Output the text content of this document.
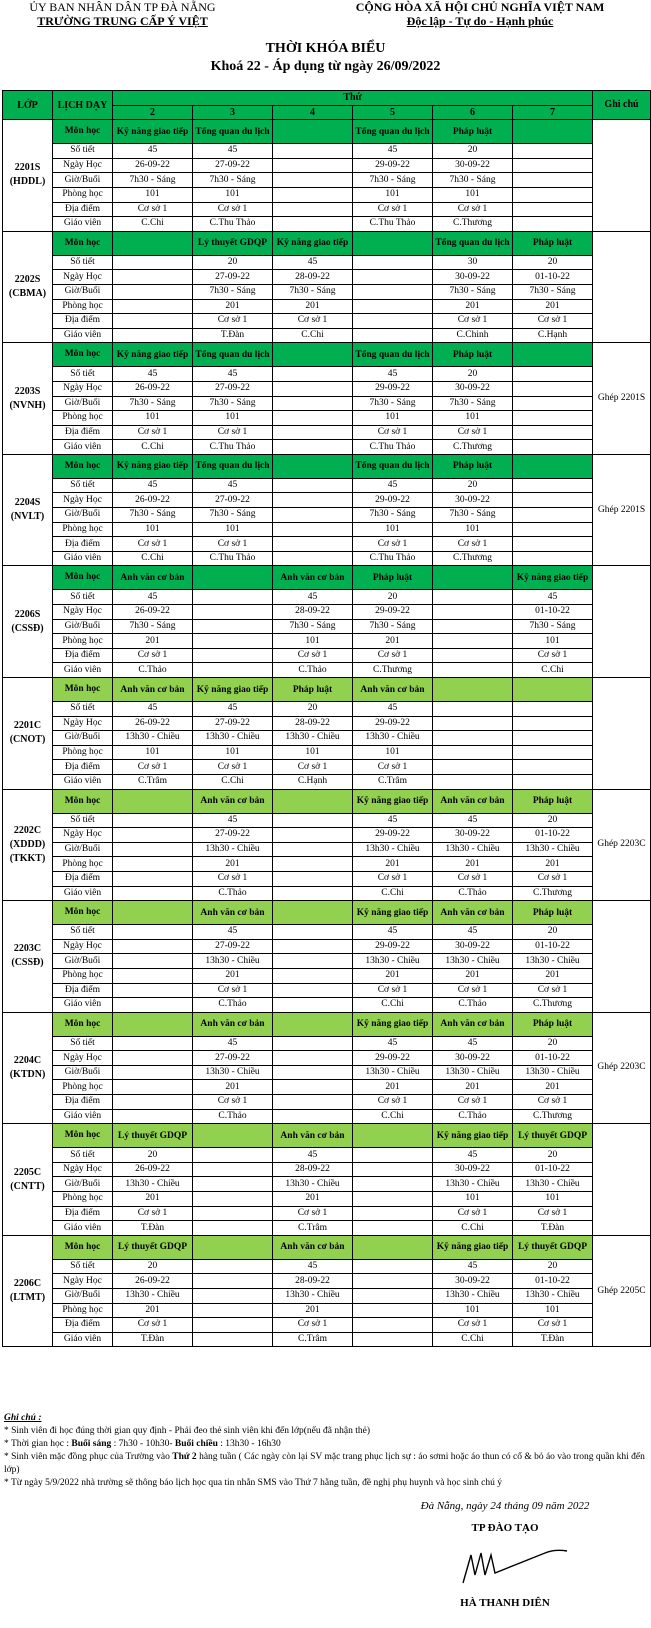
ỦY BAN NHÂN DÂN TP ĐÀ NẴNG
TRƯỜNG TRUNG CẤP Ý VIỆT
CỘNG HÒA XÃ HỘI CHỦ NGHĨA VIỆT NAM
Độc lập - Tự do - Hạnh phúc
THỜI KHÓA BIỂU
Khoá 22 - Áp dụng từ ngày 26/09/2022
LỚP	LỊCH DẠY	Thứ						Ghi chú
		2	3	4	5	6	7	

2201S
(HDDL)	Môn học	Kỹ năng giao tiếp	Tổng quan du lịch		Tổng quan du lịch	Pháp luật		
	Số tiết	45	45		45	20		
	Ngày Học	26-09-22	27-09-22		29-09-22	30-09-22		
	Giờ/Buổi	7h30 - Sáng	7h30 - Sáng		7h30 - Sáng	7h30 - Sáng		
	Phòng học	101	101		101	101		
	Địa điểm	Cơ sở 1	Cơ sở 1		Cơ sở 1	Cơ sở 1		
	Giáo viên	C.Chi	C.Thu Thảo		C.Thu Thảo	C.Thương		

2202S
(CBMA)	Môn học		Lý thuyết GDQP	Kỹ năng giao tiếp		Tổng quan du lịch	Pháp luật	
	Số tiết		20	45		30	20	
	Ngày Học		27-09-22	28-09-22		30-09-22	01-10-22	
	Giờ/Buổi		7h30 - Sáng	7h30 - Sáng		7h30 - Sáng	7h30 - Sáng	
	Phòng học		201	201		201	201	
	Địa điểm		Cơ sở 1	Cơ sở 1		Cơ sở 1	Cơ sở 1	
	Giáo viên		T.Đàn	C.Chi		C.Chinh	C.Hạnh	

2203S
(NVNH)	Môn học	Kỹ năng giao tiếp	Tổng quan du lịch		Tổng quan du lịch	Pháp luật		Ghép 2201S
	Số tiết	45	45		45	20		
	Ngày Học	26-09-22	27-09-22		29-09-22	30-09-22		
	Giờ/Buổi	7h30 - Sáng	7h30 - Sáng		7h30 - Sáng	7h30 - Sáng		
	Phòng học	101	101		101	101		
	Địa điểm	Cơ sở 1	Cơ sở 1		Cơ sở 1	Cơ sở 1		
	Giáo viên	C.Chi	C.Thu Thảo		C.Thu Thảo	C.Thương		

2204S
(NVLT)	Môn học	Kỹ năng giao tiếp	Tổng quan du lịch		Tổng quan du lịch	Pháp luật		Ghép 2201S
	Số tiết	45	45		45	20		
	Ngày Học	26-09-22	27-09-22		29-09-22	30-09-22		
	Giờ/Buổi	7h30 - Sáng	7h30 - Sáng		7h30 - Sáng	7h30 - Sáng		
	Phòng học	101	101		101	101		
	Địa điểm	Cơ sở 1	Cơ sở 1		Cơ sở 1	Cơ sở 1		
	Giáo viên	C.Chi	C.Thu Thảo		C.Thu Thảo	C.Thương		

2206S
(CSSĐ)	Môn học	Anh văn cơ bản		Anh văn cơ bản	Pháp luật		Kỹ năng giao tiếp	
	Số tiết	45		45	20		45	
	Ngày Học	26-09-22		28-09-22	29-09-22		01-10-22	
	Giờ/Buổi	7h30 - Sáng		7h30 - Sáng	7h30 - Sáng		7h30 - Sáng	
	Phòng học	201		101	201		101	
	Địa điểm	Cơ sở 1		Cơ sở 1	Cơ sở 1		Cơ sở 1	
	Giáo viên	C.Thảo		C.Thảo	C.Thương		C.Chi	

2201C
(CNOT)	Môn học	Anh văn cơ bản	Kỹ năng giao tiếp	Pháp luật	Anh văn cơ bản			
	Số tiết	45	45	20	45			
	Ngày Học	26-09-22	27-09-22	28-09-22	29-09-22			
	Giờ/Buổi	13h30 - Chiều	13h30 - Chiều	13h30 - Chiều	13h30 - Chiều			
	Phòng học	101	101	101	101			
	Địa điểm	Cơ sở 1	Cơ sở 1	Cơ sở 1	Cơ sở 1			
	Giáo viên	C.Trâm	C.Chi	C.Hạnh	C.Trâm			

2202C
(XDDD) (TKKT)	Môn học		Anh văn cơ bản		Kỹ năng giao tiếp	Anh văn cơ bản	Pháp luật	Ghép 2203C
	Số tiết		45		45	45	20	
	Ngày Học		27-09-22		29-09-22	30-09-22	01-10-22	
	Giờ/Buổi		13h30 - Chiều		13h30 - Chiều	13h30 - Chiều	13h30 - Chiều	
	Phòng học		201		201	201	201	
	Địa điểm		Cơ sở 1		Cơ sở 1	Cơ sở 1	Cơ sở 1	
	Giáo viên		C.Thảo		C.Chi	C.Thảo	C.Thương	

2203C
(CSSĐ)	Môn học		Anh văn cơ bản		Kỹ năng giao tiếp	Anh văn cơ bản	Pháp luật	
	Số tiết		45		45	45	20	
	Ngày Học		27-09-22		29-09-22	30-09-22	01-10-22	
	Giờ/Buổi		13h30 - Chiều		13h30 - Chiều	13h30 - Chiều	13h30 - Chiều	
	Phòng học		201		201	201	201	
	Địa điểm		Cơ sở 1		Cơ sở 1	Cơ sở 1	Cơ sở 1	
	Giáo viên		C.Thảo		C.Chi	C.Thảo	C.Thương	

2204C
(KTDN)	Môn học		Anh văn cơ bản		Kỹ năng giao tiếp	Anh văn cơ bản	Pháp luật	Ghép 2203C
	Số tiết		45		45	45	20	
	Ngày Học		27-09-22		29-09-22	30-09-22	01-10-22	
	Giờ/Buổi		13h30 - Chiều		13h30 - Chiều	13h30 - Chiều	13h30 - Chiều	
	Phòng học		201		201	201	201	
	Địa điểm		Cơ sở 1		Cơ sở 1	Cơ sở 1	Cơ sở 1	
	Giáo viên		C.Thảo		C.Chi	C.Thảo	C.Thương	

2205C
(CNTT)	Môn học	Lý thuyết GDQP		Anh văn cơ bản		Kỹ năng giao tiếp	Lý thuyết GDQP	
	Số tiết	20		45		45	20	
	Ngày Học	26-09-22		28-09-22		30-09-22	01-10-22	
	Giờ/Buổi	13h30 - Chiều		13h30 - Chiều		13h30 - Chiều	13h30 - Chiều	
	Phòng học	201		201		101	101	
	Địa điểm	Cơ sở 1		Cơ sở 1		Cơ sở 1	Cơ sở 1	
	Giáo viên	T.Đàn		C.Trâm		C.Chi	T.Đàn	

2206C
(LTMT)	Môn học	Lý thuyết GDQP		Anh văn cơ bản		Kỹ năng giao tiếp	Lý thuyết GDQP	Ghép 2205C
	Số tiết	20		45		45	20	
	Ngày Học	26-09-22		28-09-22		30-09-22	01-10-22	
	Giờ/Buổi	13h30 - Chiều		13h30 - Chiều		13h30 - Chiều	13h30 - Chiều	
	Phòng học	201		201		101	101	
	Địa điểm	Cơ sở 1		Cơ sở 1		Cơ sở 1	Cơ sở 1	
	Giáo viên	T.Đàn		C.Trâm		C.Chi	T.Đàn	
Ghi chú :
* Sinh viên đi học đúng thời gian quy định - Phải đeo thẻ sinh viên khi đến lớp(nếu đã nhận thẻ)
* Thời gian học : Buổi sáng : 7h30 - 10h30- Buổi chiều : 13h30 - 16h30
* Sinh viên mặc đồng phục của Trường vào Thứ 2 hàng tuần ( Các ngày còn lại SV mặc trang phục lịch sự : áo sơmi hoặc áo thun có cổ & bỏ áo vào trong quần khi đến lớp)
* Từ ngày 5/9/2022 nhà trường sẽ thông báo lịch học qua tin nhắn SMS vào Thứ 7 hằng tuần, đề nghị phụ huynh và học sinh chú ý
Đà Nẵng, ngày 24 tháng 09 năm 2022
TP ĐÀO TẠO
HÀ THANH DIÊN
